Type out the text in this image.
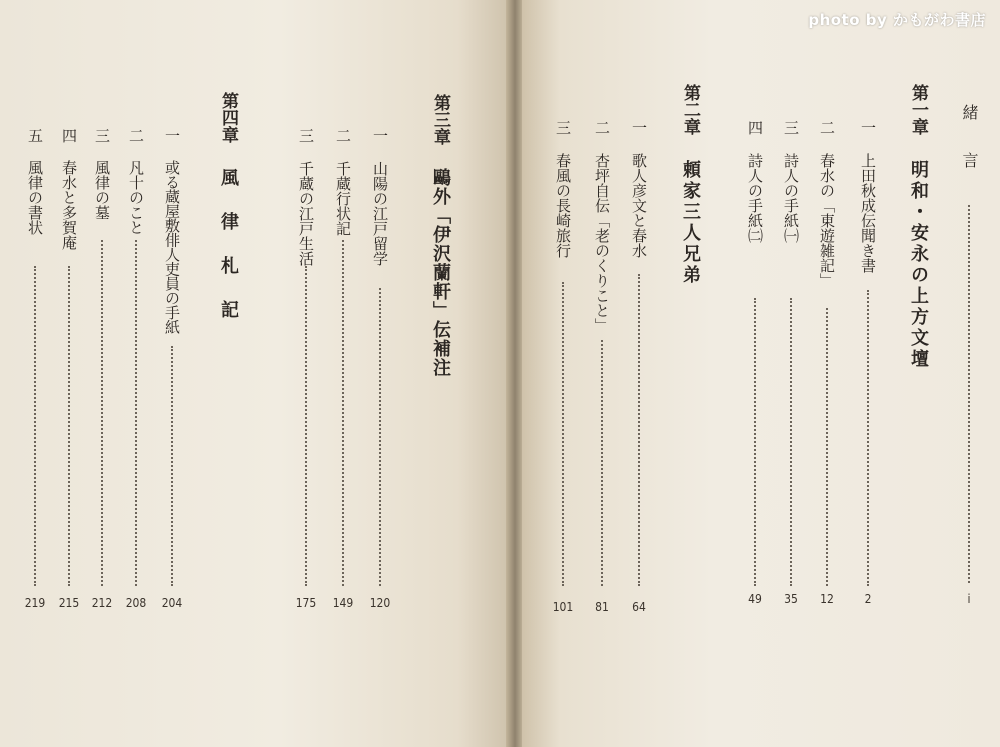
photo by かもがわ書店
緒　　言
i
第一章
明和・安永の上方文壇
一
上田秋成伝聞き書
2
二
春水の「東遊雑記」
12
三
詩人の手紙㈠
35
四
詩人の手紙㈡
49
第二章
頼家三人兄弟
一
歌人彦文と春水
64
二
杏坪自伝「老のくりこと」
81
三
春風の長崎旅行
101
第三章
鷗外「伊沢蘭軒」伝補注
一
山陽の江戸留学
120
二
千蔵行状記
149
三
千蔵の江戸生活
175
第四章
風　律　札　記
一
或る蔵屋敷俳人吏員の手紙
204
二
凡十のこと
208
三
風律の墓
212
四
春水と多賀庵
215
五
風律の書状
219
